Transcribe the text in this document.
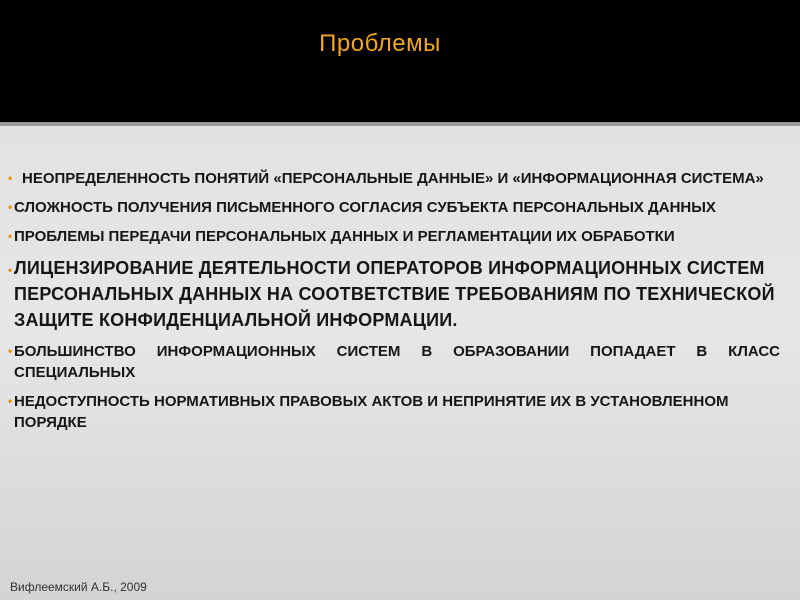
Проблемы
• НЕОПРЕДЕЛЕННОСТЬ ПОНЯТИЙ «ПЕРСОНАЛЬНЫЕ ДАННЫЕ» И «ИНФОРМАЦИОННАЯ СИСТЕМА»
• СЛОЖНОСТЬ ПОЛУЧЕНИЯ ПИСЬМЕННОГО СОГЛАСИЯ СУБЪЕКТА ПЕРСОНАЛЬНЫХ ДАННЫХ
• ПРОБЛЕМЫ ПЕРЕДАЧИ ПЕРСОНАЛЬНЫХ ДАННЫХ И РЕГЛАМЕНТАЦИИ ИХ ОБРАБОТКИ
• ЛИЦЕНЗИРОВАНИЕ ДЕЯТЕЛЬНОСТИ ОПЕРАТОРОВ ИНФОРМАЦИОННЫХ СИСТЕМ ПЕРСОНАЛЬНЫХ ДАННЫХ НА СООТВЕТСТВИЕ ТРЕБОВАНИЯМ ПО ТЕХНИЧЕСКОЙ ЗАЩИТЕ КОНФИДЕНЦИАЛЬНОЙ ИНФОРМАЦИИ.
• БОЛЬШИНСТВО ИНФОРМАЦИОННЫХ СИСТЕМ В ОБРАЗОВАНИИ ПОПАДАЕТ В КЛАСС СПЕЦИАЛЬНЫХ
• НЕДОСТУПНОСТЬ НОРМАТИВНЫХ ПРАВОВЫХ АКТОВ И НЕПРИНЯТИЕ ИХ В УСТАНОВЛЕННОМ ПОРЯДКЕ
Вифлеемский А.Б., 2009
